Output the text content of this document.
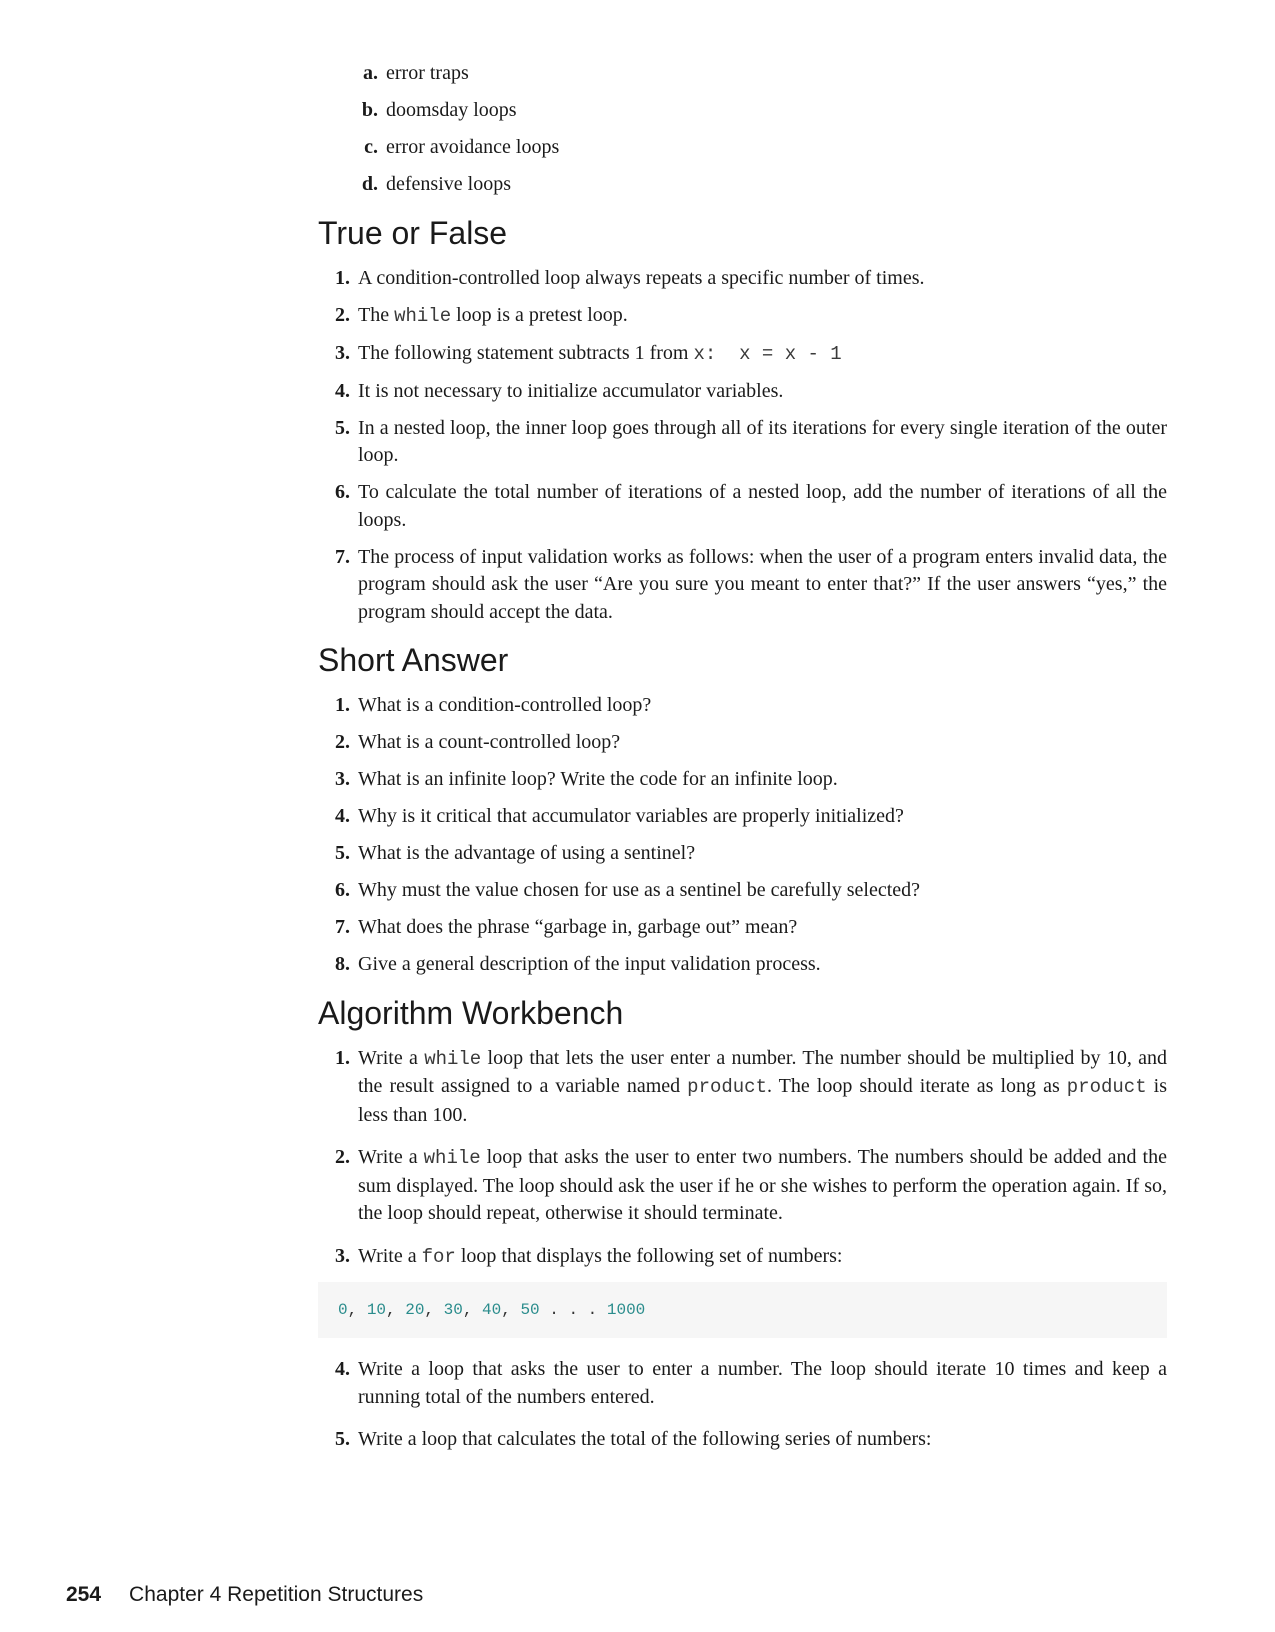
a. error traps
b. doomsday loops
c. error avoidance loops
d. defensive loops
True or False
1. A condition-controlled loop always repeats a specific number of times.
2. The while loop is a pretest loop.
3. The following statement subtracts 1 from x:  x = x - 1
4. It is not necessary to initialize accumulator variables.
5. In a nested loop, the inner loop goes through all of its iterations for every single iteration of the outer loop.
6. To calculate the total number of iterations of a nested loop, add the number of iterations of all the loops.
7. The process of input validation works as follows: when the user of a program enters invalid data, the program should ask the user “Are you sure you meant to enter that?” If the user answers “yes,” the program should accept the data.
Short Answer
1. What is a condition-controlled loop?
2. What is a count-controlled loop?
3. What is an infinite loop? Write the code for an infinite loop.
4. Why is it critical that accumulator variables are properly initialized?
5. What is the advantage of using a sentinel?
6. Why must the value chosen for use as a sentinel be carefully selected?
7. What does the phrase “garbage in, garbage out” mean?
8. Give a general description of the input validation process.
Algorithm Workbench
1. Write a while loop that lets the user enter a number. The number should be multiplied by 10, and the result assigned to a variable named product. The loop should iterate as long as product is less than 100.
2. Write a while loop that asks the user to enter two numbers. The numbers should be added and the sum displayed. The loop should ask the user if he or she wishes to perform the operation again. If so, the loop should repeat, otherwise it should terminate.
3. Write a for loop that displays the following set of numbers:
0 , 10 , 20 , 30 , 40 , 50 . . . 1000
4. Write a loop that asks the user to enter a number. The loop should iterate 10 times and keep a running total of the numbers entered.
5. Write a loop that calculates the total of the following series of numbers:
254 Chapter 4 Repetition Structures
